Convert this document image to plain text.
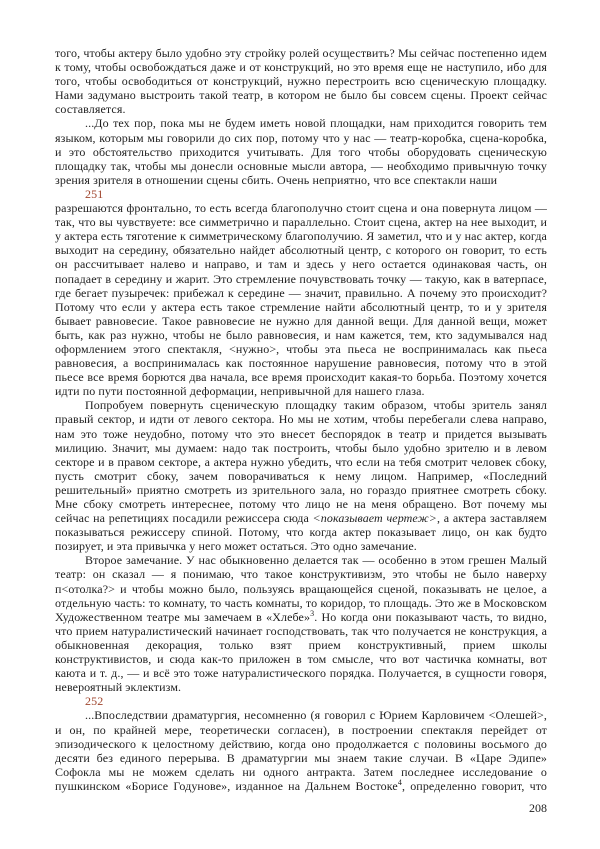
того, чтобы актеру было удобно эту стройку ролей осуществить? Мы сейчас постепенно идем к тому, чтобы освобождаться даже и от конструкций, но это время еще не наступило, ибо для того, чтобы освободиться от конструкций, нужно перестроить всю сценическую площадку. Нами задумано выстроить такой театр, в котором не было бы совсем сцены. Проект сейчас составляется.

...До тех пор, пока мы не будем иметь новой площадки, нам приходится говорить тем языком, которым мы говорили до сих пор, потому что у нас — театр-коробка, сцена-коробка, и это обстоятельство приходится учитывать. Для того чтобы оборудовать сценическую площадку так, чтобы мы донесли основные мысли автора, — необходимо привычную точку зрения зрителя в отношении сцены сбить. Очень неприятно, что все спектакли наши

251

разрешаются фронтально, то есть всегда благополучно стоит сцена и она повернута лицом — так, что вы чувствуете: все симметрично и параллельно. Стоит сцена, актер на нее выходит, и у актера есть тяготение к симметрическому благополучию. Я заметил, что и у нас актер, когда выходит на середину, обязательно найдет абсолютный центр, с которого он говорит, то есть он рассчитывает налево и направо, и там и здесь у него остается одинаковая часть, он попадает в середину и жарит. Это стремление почувствовать точку — такую, как в ватерпасе, где бегает пузыречек: прибежал к середине — значит, правильно. А почему это происходит? Потому что если у актера есть такое стремление найти абсолютный центр, то и у зрителя бывает равновесие. Такое равновесие не нужно для данной вещи. Для данной вещи, может быть, как раз нужно, чтобы не было равновесия, и нам кажется, тем, кто задумывался над оформлением этого спектакля, <нужно>, чтобы эта пьеса не воспринималась как пьеса равновесия, а воспринималась как постоянное нарушение равновесия, потому что в этой пьесе все время борются два начала, все время происходит какая-то борьба. Поэтому хочется идти по пути постоянной деформации, непривычной для нашего глаза.

Попробуем повернуть сценическую площадку таким образом, чтобы зритель занял правый сектор, и идти от левого сектора. Но мы не хотим, чтобы перебегали слева направо, нам это тоже неудобно, потому что это внесет беспорядок в театр и придется вызывать милицию. Значит, мы думаем: надо так построить, чтобы было удобно зрителю и в левом секторе и в правом секторе, а актера нужно убедить, что если на тебя смотрит человек сбоку, пусть смотрит сбоку, зачем поворачиваться к нему лицом. Например, «Последний решительный» приятно смотреть из зрительного зала, но гораздо приятнее смотреть сбоку. Мне сбоку смотреть интереснее, потому что лицо не на меня обращено. Вот почему мы сейчас на репетициях посадили режиссера сюда <показывает чертеж>, а актера заставляем показываться режиссеру спиной. Потому, что когда актер показывает лицо, он как будто позирует, и эта привычка у него может остаться. Это одно замечание.

Второе замечание. У нас обыкновенно делается так — особенно в этом грешен Малый театр: он сказал — я понимаю, что такое конструктивизм, это чтобы не было наверху п<отолка?> и чтобы можно было, пользуясь вращающейся сценой, показывать не целое, а отдельную часть: то комнату, то часть комнаты, то коридор, то площадь. Это же в Московском Художественном театре мы замечаем в «Хлебе»$^3$. Но когда они показывают часть, то видно, что прием натуралистический начинает господствовать, так что получается не конструкция, а обыкновенная декорация, только взят прием конструктивный, прием школы конструктивистов, и сюда как-то приложен в том смысле, что вот частичка комнаты, вот каюта и т. д., — и всё это тоже натуралистического порядка. Получается, в сущности говоря, невероятный эклектизм.

252

...Впоследствии драматургия, несомненно (я говорил с Юрием Карловичем <Олешей>, и он, по крайней мере, теоретически согласен), в построении спектакля перейдет от эпизодического к целостному действию, когда оно продолжается с половины восьмого до десяти без единого перерыва. В драматургии мы знаем такие случаи. В «Царе Эдипе» Софокла мы не можем сделать ни одного антракта. Затем последнее исследование о пушкинском «Борисе Годунове», изданное на Дальнем Востоке$^4$, определенно говорит, что

208
